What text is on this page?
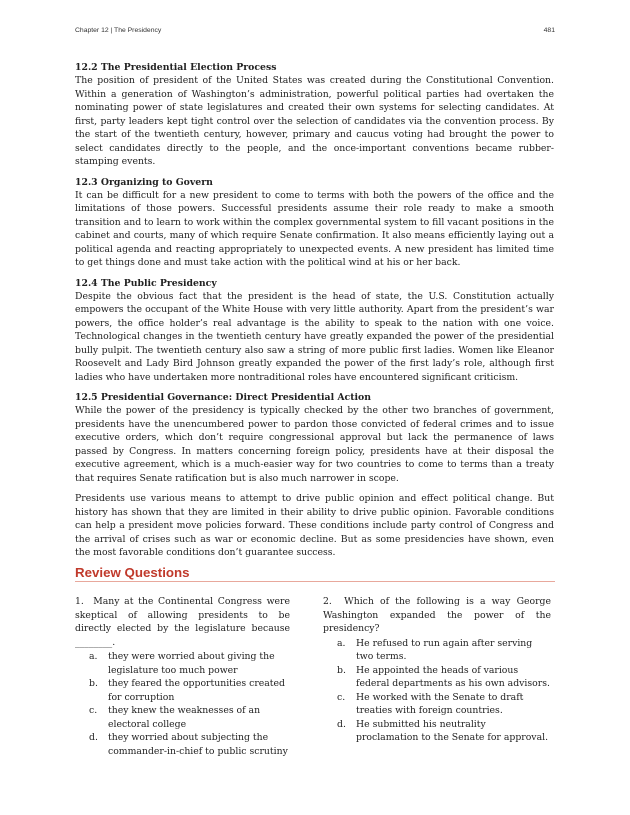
Chapter 12 | The Presidency	481
12.2 The Presidential Election Process

The position of president of the United States was created during the Constitutional Convention. Within a generation of Washington’s administration, powerful political parties had overtaken the nominating power of state legislatures and created their own systems for selecting candidates. At first, party leaders kept tight control over the selection of candidates via the convention process. By the start of the twentieth century, however, primary and caucus voting had brought the power to select candidates directly to the people, and the once-important conventions became rubber-stamping events.

12.3 Organizing to Govern

It can be difficult for a new president to come to terms with both the powers of the office and the limitations of those powers. Successful presidents assume their role ready to make a smooth transition and to learn to work within the complex governmental system to fill vacant positions in the cabinet and courts, many of which require Senate confirmation. It also means efficiently laying out a political agenda and reacting appropriately to unexpected events. A new president has limited time to get things done and must take action with the political wind at his or her back.

12.4 The Public Presidency

Despite the obvious fact that the president is the head of state, the U.S. Constitution actually empowers the occupant of the White House with very little authority. Apart from the president’s war powers, the office holder’s real advantage is the ability to speak to the nation with one voice. Technological changes in the twentieth century have greatly expanded the power of the presidential bully pulpit. The twentieth century also saw a string of more public first ladies. Women like Eleanor Roosevelt and Lady Bird Johnson greatly expanded the power of the first lady’s role, although first ladies who have undertaken more nontraditional roles have encountered significant criticism.

12.5 Presidential Governance: Direct Presidential Action

While the power of the presidency is typically checked by the other two branches of government, presidents have the unencumbered power to pardon those convicted of federal crimes and to issue executive orders, which don’t require congressional approval but lack the permanence of laws passed by Congress. In matters concerning foreign policy, presidents have at their disposal the executive agreement, which is a much-easier way for two countries to come to terms than a treaty that requires Senate ratification but is also much narrower in scope.

Presidents use various means to attempt to drive public opinion and effect political change. But history has shown that they are limited in their ability to drive public opinion. Favorable conditions can help a president move policies forward. These conditions include party control of Congress and the arrival of crises such as war or economic decline. But as some presidencies have shown, even the most favorable conditions don’t guarantee success.

Review Questions

1. Many at the Continental Congress were skeptical of allowing presidents to be directly elected by the legislature because ________.

a. they were worried about giving the legislature too much power
b. they feared the opportunities created for corruption
c. they knew the weaknesses of an electoral college
d. they worried about subjecting the commander-in-chief to public scrutiny

2. Which of the following is a way George Washington expanded the power of the presidency?

a. He refused to run again after serving two terms.
b. He appointed the heads of various federal departments as his own advisors.
c. He worked with the Senate to draft treaties with foreign countries.
d. He submitted his neutrality proclamation to the Senate for approval.
